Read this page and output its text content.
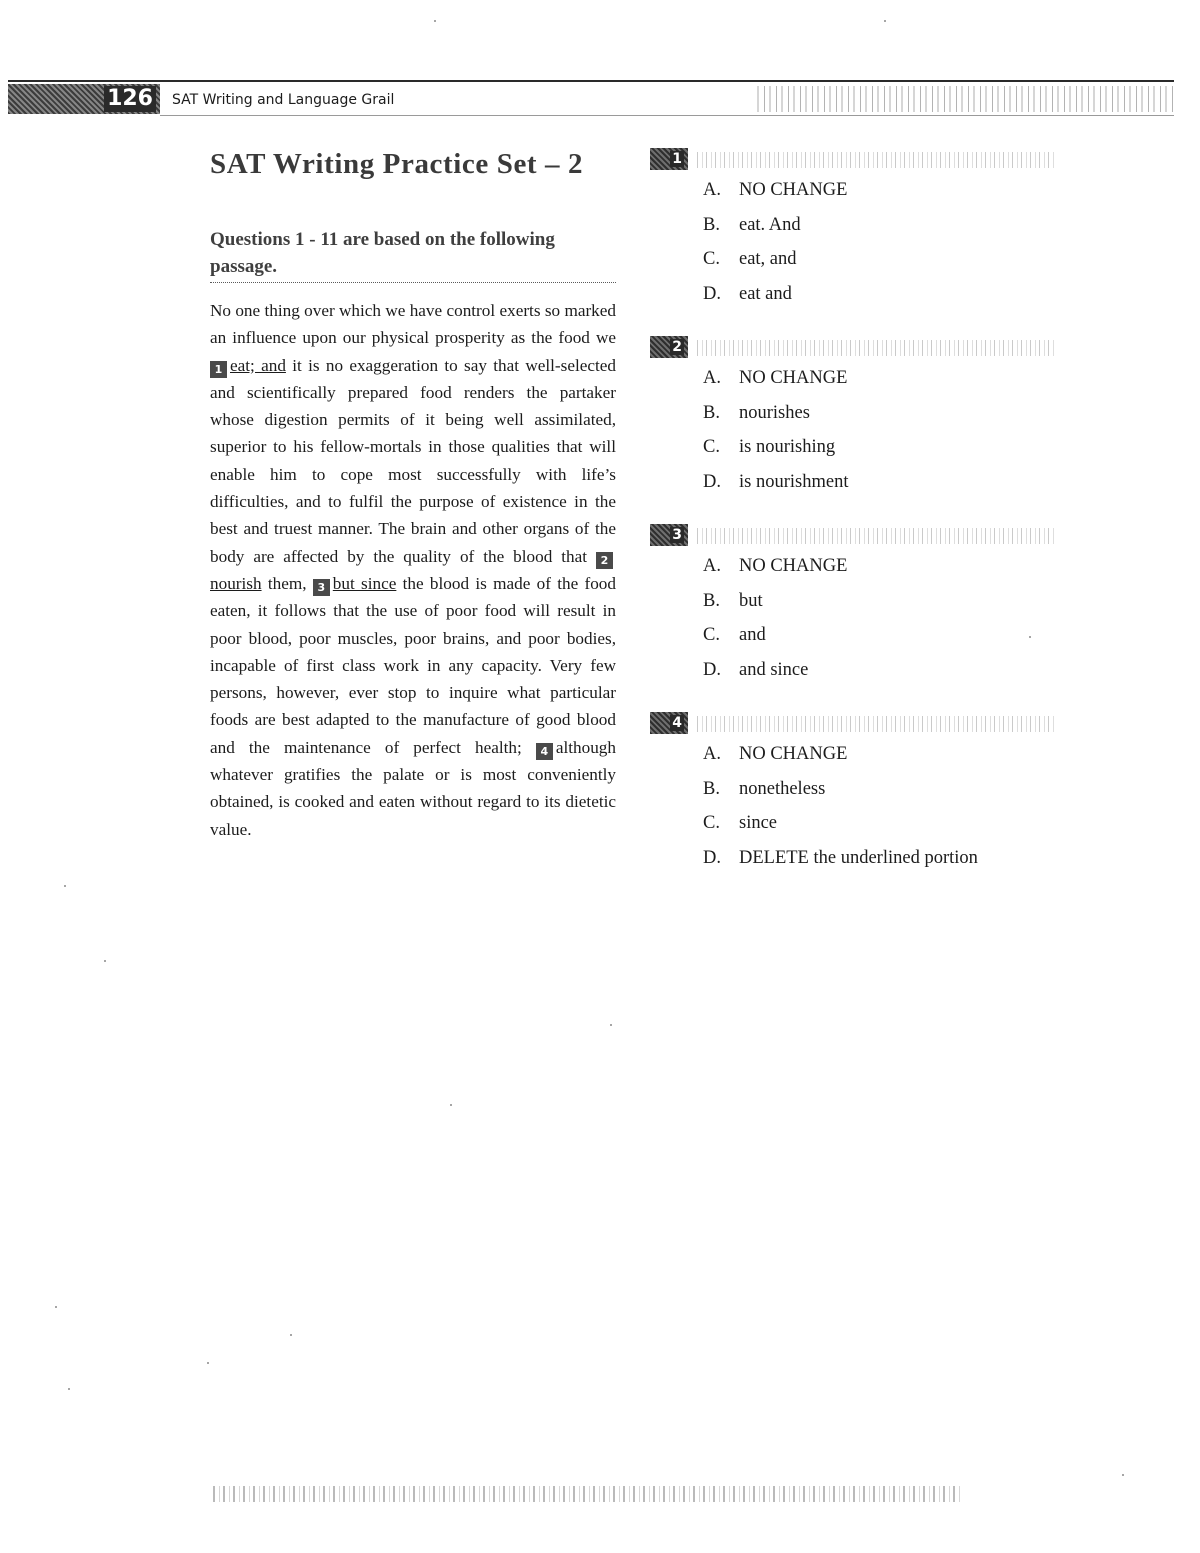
126 SAT Writing and Language Grail
SAT Writing Practice Set – 2
Questions 1 - 11 are based on the following passage.

No one thing over which we have control exerts so marked an influence upon our physical prosperity as the food we 1 eat; and it is no exaggeration to say that well-selected and scientifically prepared food renders the partaker whose digestion permits of it being well assimilated, superior to his fellow-mortals in those qualities that will enable him to cope most successfully with life’s difficulties, and to fulfil the purpose of existence in the best and truest manner. The brain and other organs of the body are affected by the quality of the blood that 2nourish them, 3 but since the blood is made of the food eaten, it follows that the use of poor food will result in poor blood, poor muscles, poor brains, and poor bodies, incapable of first class work in any capacity. Very few persons, however, ever stop to inquire what particular foods are best adapted to the manufacture of good blood and the maintenance of perfect health; 4 although whatever gratifies the palate or is most conveniently obtained, is cooked and eaten without regard to its dietetic value.

1
A. NO CHANGE
B.	eat. And
C.	eat, and
D. eat and
2
A. NO CHANGE
B.	nourishes
C.	is nourishing
D. is nourishment
3
A. NO CHANGE
B.	but
C.	and
D. and since
4
A. NO CHANGE
B.	nonetheless
C.	since
D. DELETE the underlined portion
